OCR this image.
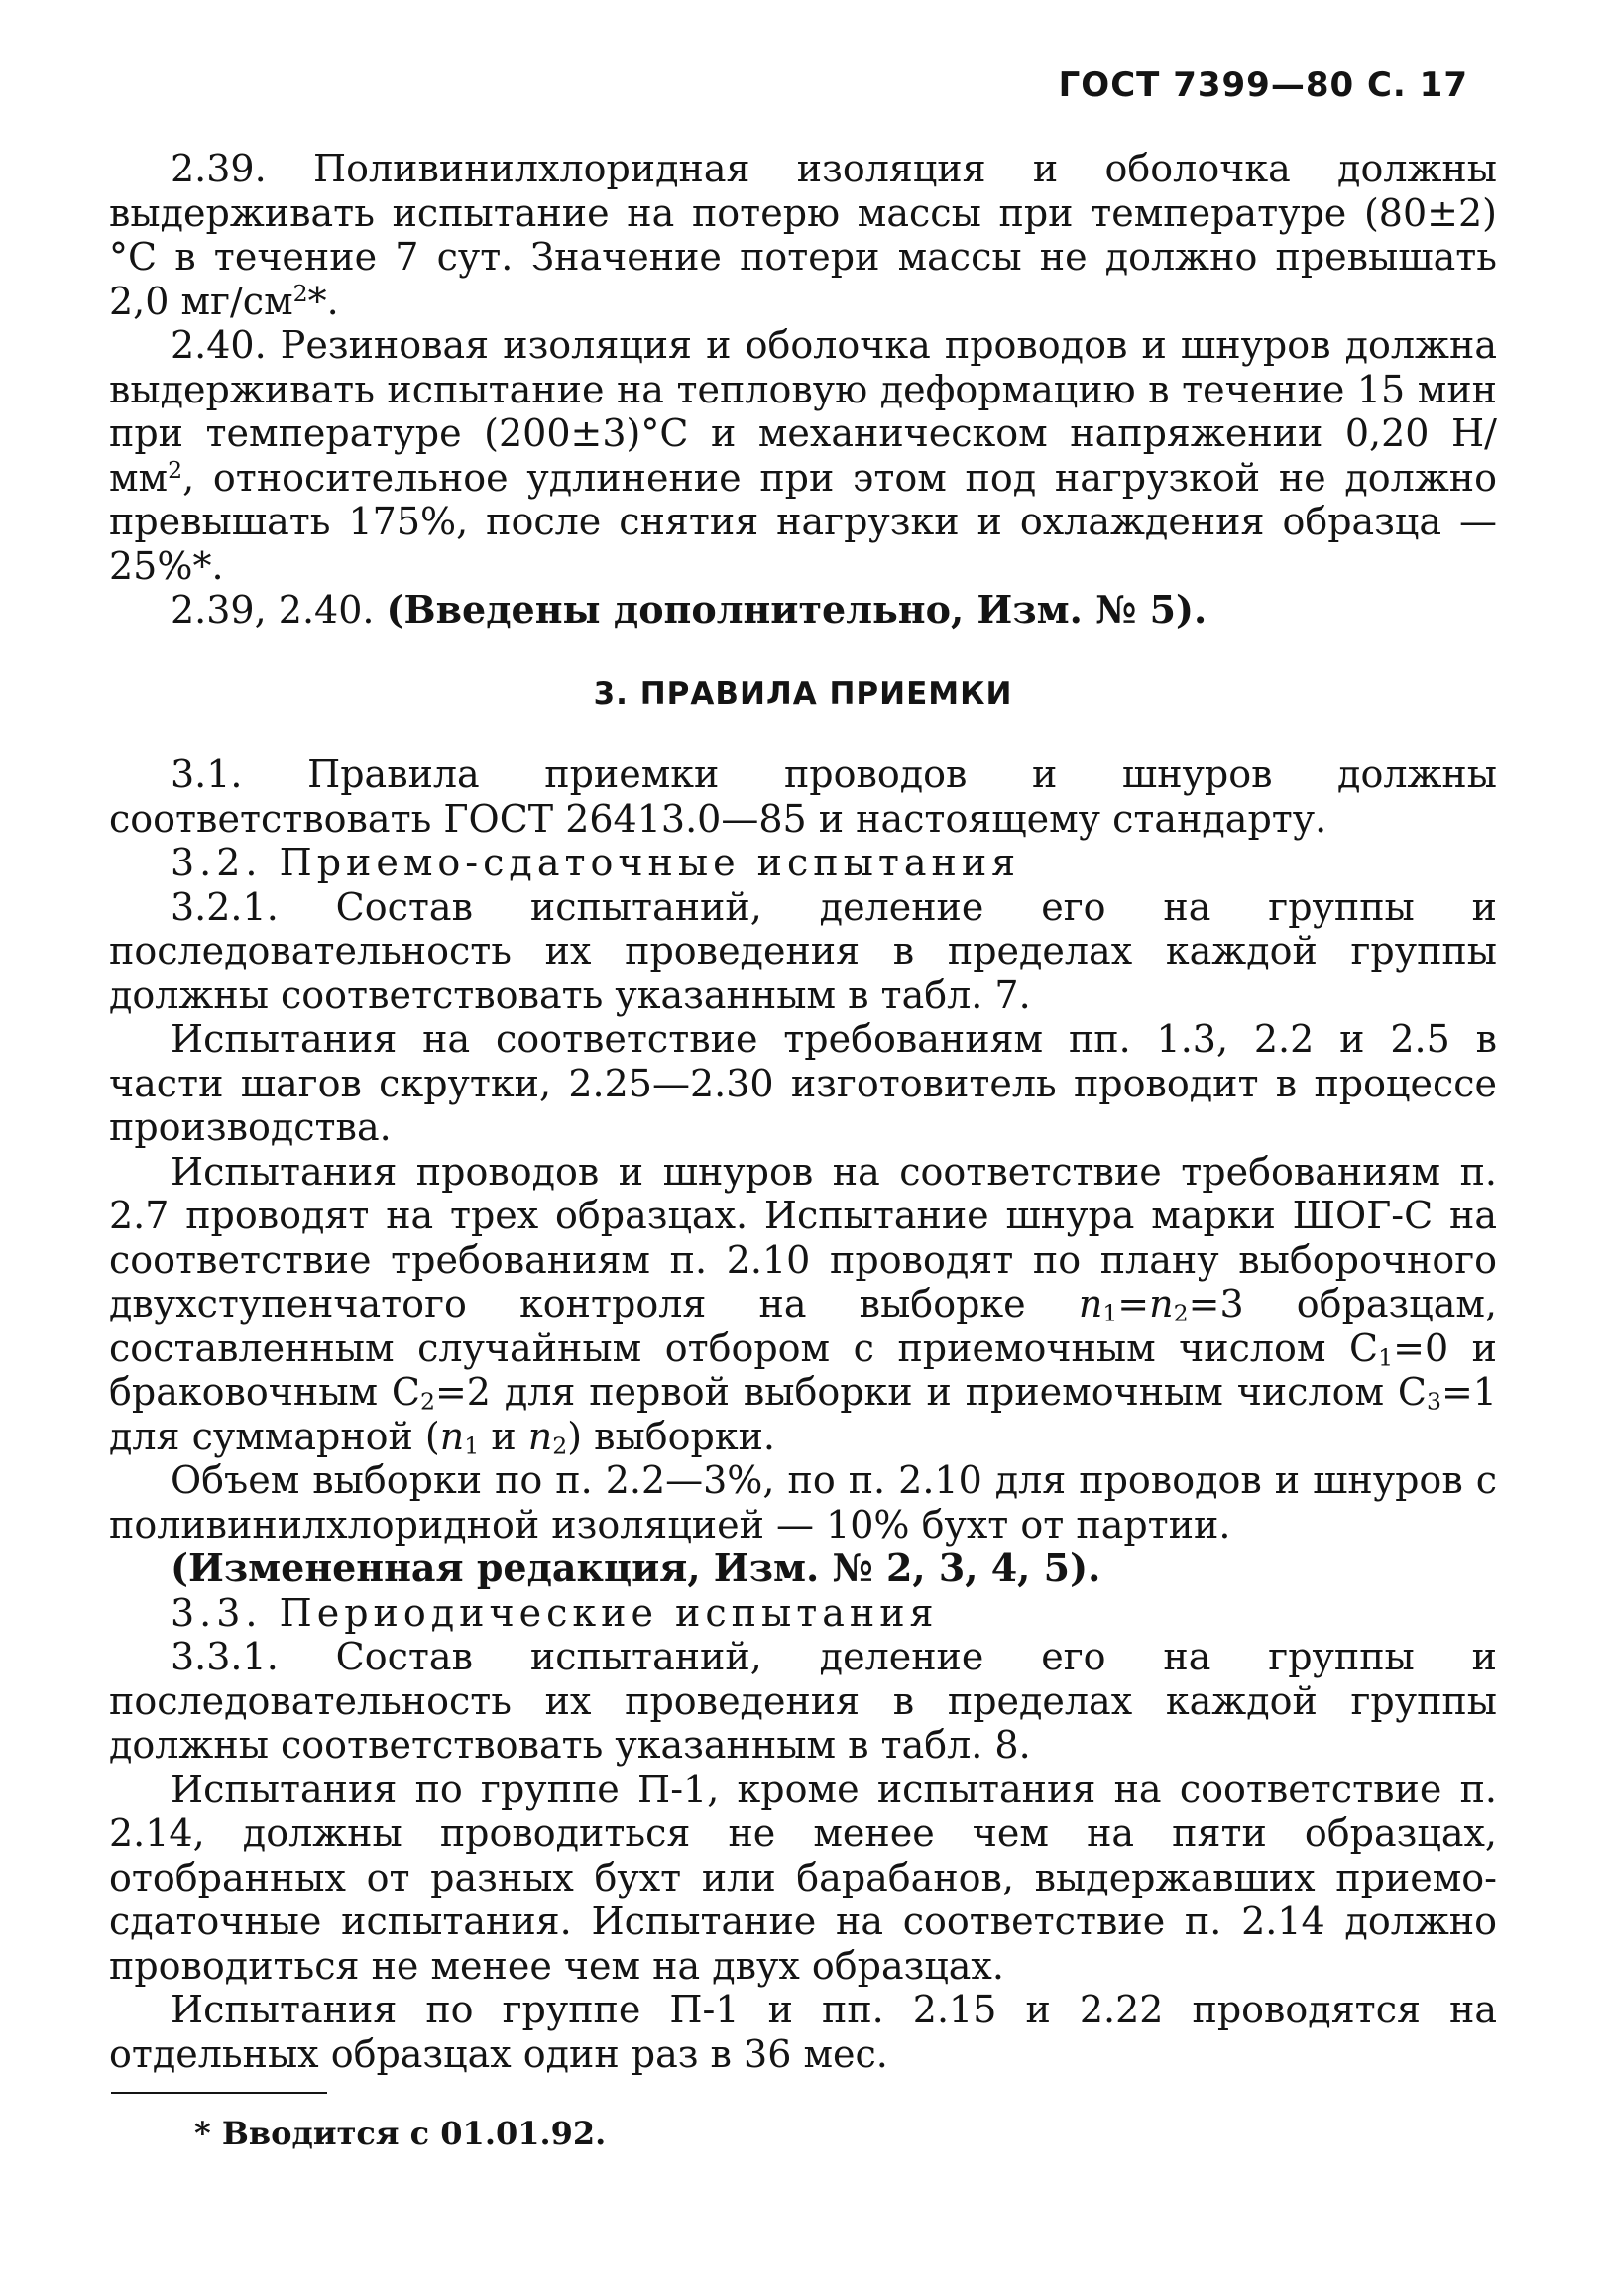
ГОСТ 7399—80 С. 17

2.39. Поливинилхлоридная изоляция и оболочка должны выдерживать испытание на потерю массы при температуре (80±2)°С в течение 7 сут. Значение потери массы не должно превышать 2,0 $мг/см^2*$.

2.40. Резиновая изоляция и оболочка проводов и шнуров должна выдерживать испытание на тепловую деформацию в течение 15 мин при температуре (200±3)°С и механическом напряжении 0,20 $Н/мм^2$, относительное удлинение при этом под нагрузкой не должно превышать 175%, после снятия нагрузки и охлаждения образца — 25%*.

2.39, 2.40. (Введены дополнительно, Изм. № 5).

3. ПРАВИЛА ПРИЕМКИ

3.1. Правила приемки проводов и шнуров должны соответствовать ГОСТ 26413.0—85 и настоящему стандарту.

3.2. Приемо-сдаточные испытания

3.2.1. Состав испытаний, деление его на группы и последовательность их проведения в пределах каждой группы должны соответствовать указанным в табл. 7.

Испытания на соответствие требованиям пп. 1.3, 2.2 и 2.5 в части шагов скрутки, 2.25—2.30 изготовитель проводит в процессе производства.

Испытания проводов и шнуров на соответствие требованиям п. 2.7 проводят на трех образцах. Испытание шнура марки ШОГ-С на соответствие требованиям п. 2.10 проводят по плану выборочного двухступенчатого контроля на выборке $n_1=n_2=3$ образцам, составленным случайным отбором с приемочным числом $С_1=0$ и браковочным $С_2=2$ для первой выборки и приемочным числом $С_3=1$ для суммарной ($n_1$ и $n_2$) выборки.

Объем выборки по п. 2.2—3%, по п. 2.10 для проводов и шнуров с поливинилхлоридной изоляцией — 10% бухт от партии.

(Измененная редакция, Изм. № 2, 3, 4, 5).

3.3. Периодические испытания

3.3.1. Состав испытаний, деление его на группы и последовательность их проведения в пределах каждой группы должны соответствовать указанным в табл. 8.

Испытания по группе П-1, кроме испытания на соответствие п. 2.14, должны проводиться не менее чем на пяти образцах, отобранных от разных бухт или барабанов, выдержавших приемо-сдаточные испытания. Испытание на соответствие п. 2.14 должно проводиться не менее чем на двух образцах.

Испытания по группе П-1 и пп. 2.15 и 2.22 проводятся на отдельных образцах один раз в 36 мес.

* Вводится с 01.01.92.
